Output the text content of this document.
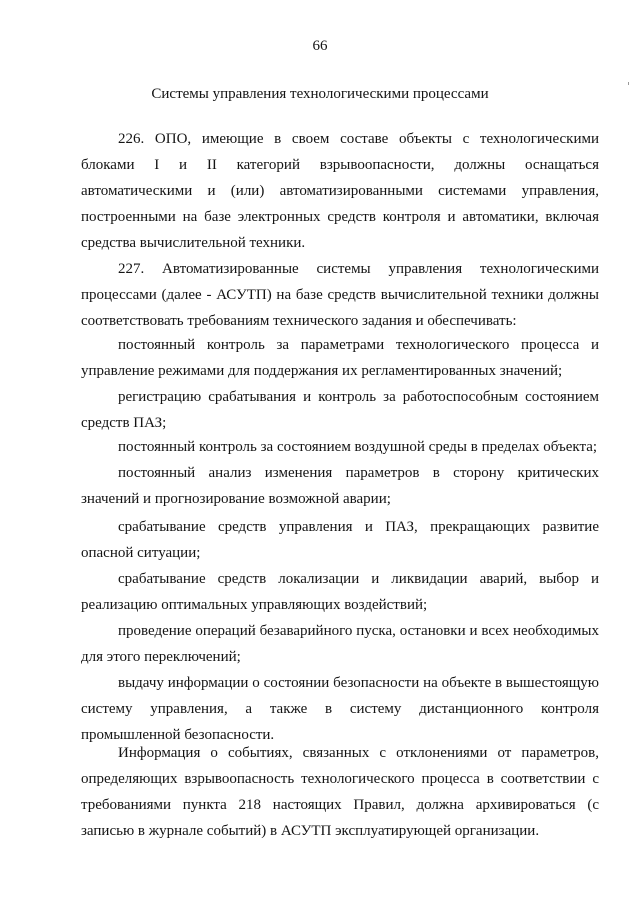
66
Системы управления технологическими процессами

226. ОПО, имеющие в своем составе объекты с технологическими блоками I и II категорий взрывоопасности, должны оснащаться автоматическими и (или) автоматизированными системами управления, построенными на базе электронных средств контроля и автоматики, включая средства вычислительной техники.

227. Автоматизированные системы управления технологическими процессами (далее - АСУТП) на базе средств вычислительной техники должны соответствовать требованиям технического задания и обеспечивать:

постоянный контроль за параметрами технологического процесса и управление режимами для поддержания их регламентированных значений;

регистрацию срабатывания и контроль за работоспособным состоянием средств ПАЗ;

постоянный контроль за состоянием воздушной среды в пределах объекта;

постоянный анализ изменения параметров в сторону критических значений и прогнозирование возможной аварии;

срабатывание средств управления и ПАЗ, прекращающих развитие опасной ситуации;

срабатывание средств локализации и ликвидации аварий, выбор и реализацию оптимальных управляющих воздействий;

проведение операций безаварийного пуска, остановки и всех необходимых для этого переключений;

выдачу информации о состоянии безопасности на объекте в вышестоящую систему управления, а также в систему дистанционного контроля промышленной безопасности.

Информация о событиях, связанных с отклонениями от параметров, определяющих взрывоопасность технологического процесса в соответствии с требованиями пункта 218 настоящих Правил, должна архивироваться (с записью в журнале событий) в АСУТП эксплуатирующей организации.
